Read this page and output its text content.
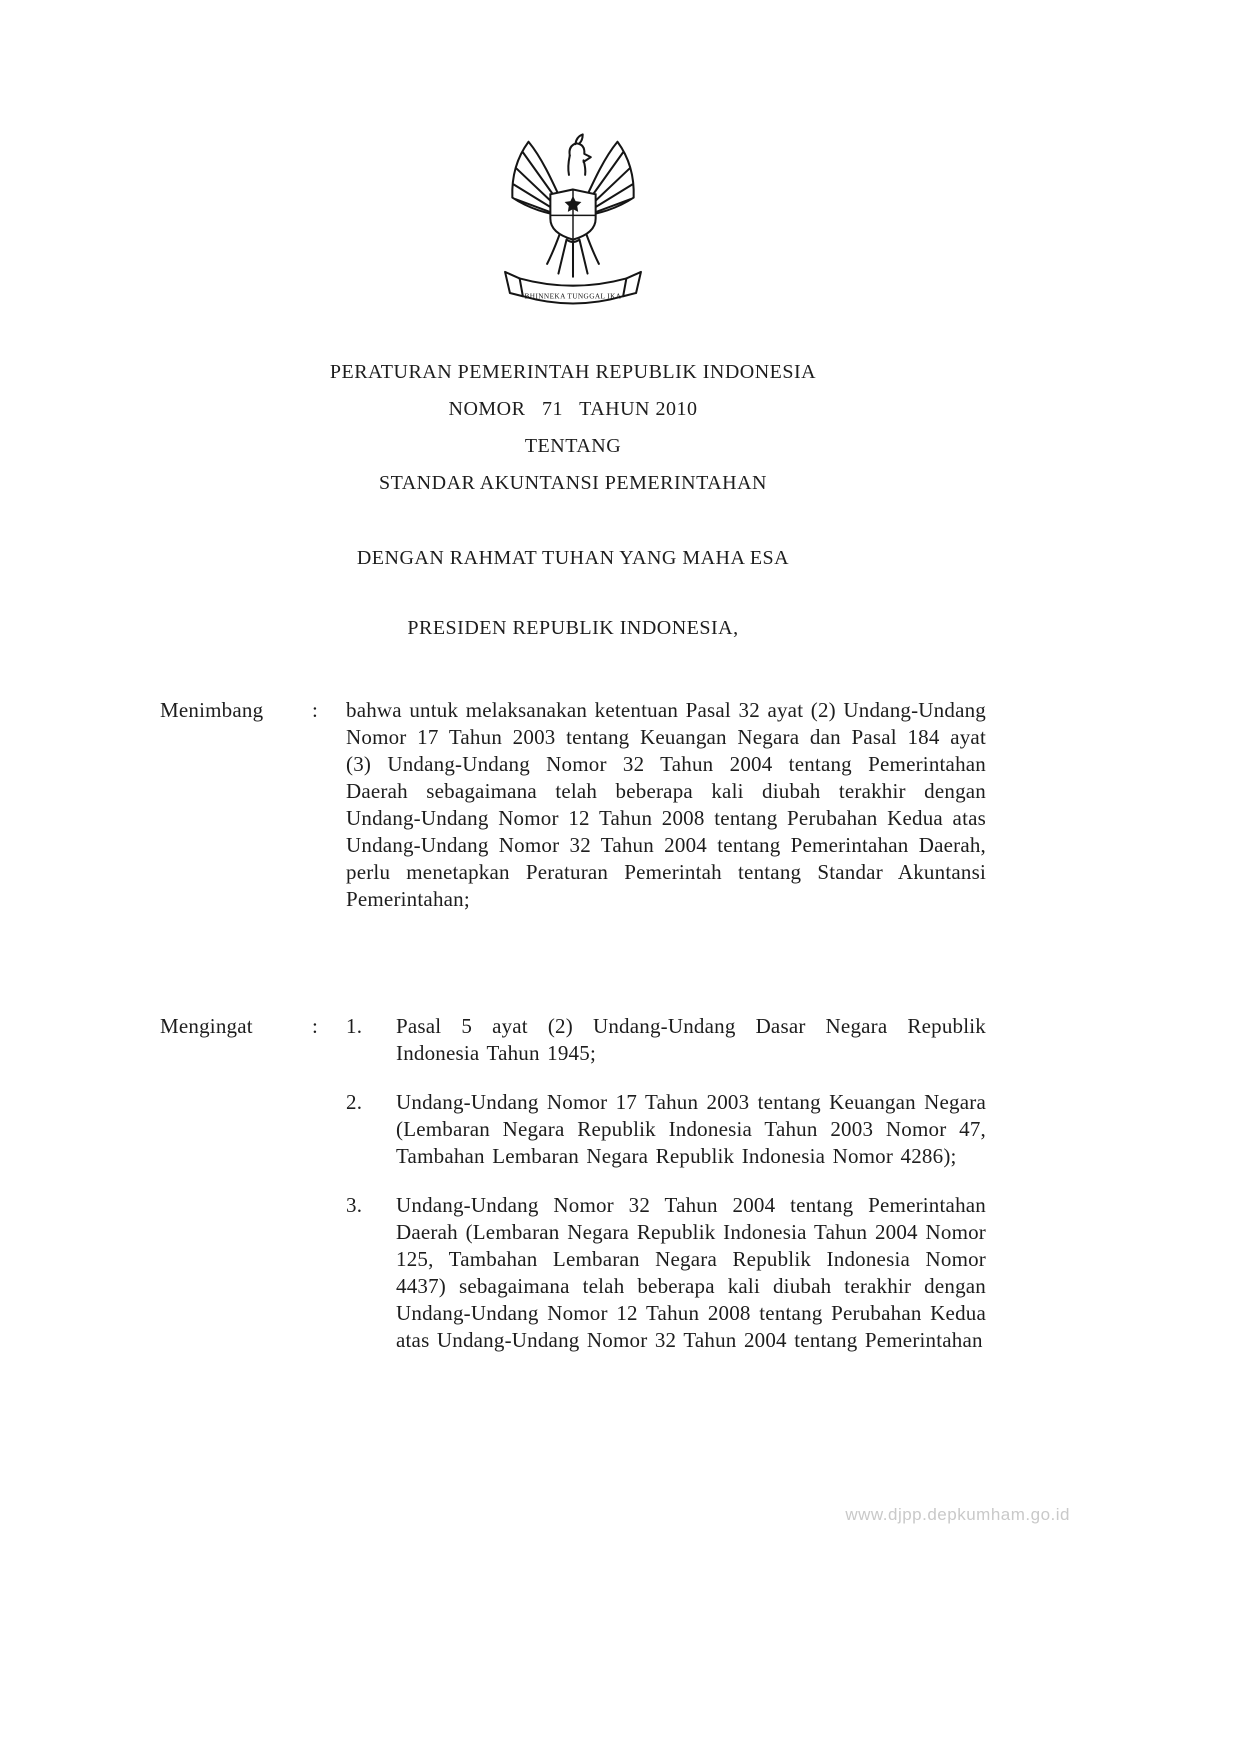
BHINNEKA TUNGGAL IKA
PERATURAN PEMERINTAH REPUBLIK INDONESIA
NOMOR   71   TAHUN 2010
TENTANG
STANDAR AKUNTANSI PEMERINTAHAN
DENGAN RAHMAT TUHAN YANG MAHA ESA
PRESIDEN REPUBLIK INDONESIA,
Menimbang	:	bahwa untuk melaksanakan ketentuan Pasal 32 ayat (2) Undang-Undang Nomor 17 Tahun 2003 tentang Keuangan Negara dan Pasal 184 ayat (3) Undang-Undang Nomor 32 Tahun 2004 tentang Pemerintahan Daerah sebagaimana telah beberapa kali diubah terakhir dengan Undang-Undang Nomor 12 Tahun 2008 tentang Perubahan Kedua atas Undang-Undang Nomor 32 Tahun 2004 tentang Pemerintahan Daerah, perlu menetapkan Peraturan Pemerintah tentang Standar Akuntansi Pemerintahan;
Mengingat	:	1.	Pasal 5 ayat (2) Undang-Undang Dasar Negara Republik Indonesia Tahun 1945;
2.	Undang-Undang Nomor 17 Tahun 2003 tentang Keuangan Negara (Lembaran Negara Republik Indonesia Tahun 2003 Nomor 47, Tambahan Lembaran Negara Republik Indonesia Nomor 4286);
3.	Undang-Undang Nomor 32 Tahun 2004 tentang Pemerintahan Daerah (Lembaran Negara Republik Indonesia Tahun 2004 Nomor 125, Tambahan Lembaran Negara Republik Indonesia Nomor 4437) sebagaimana telah beberapa kali diubah terakhir dengan Undang-Undang Nomor 12 Tahun 2008 tentang Perubahan Kedua atas Undang-Undang Nomor 32 Tahun 2004 tentang Pemerintahan
www.djpp.depkumham.go.id
